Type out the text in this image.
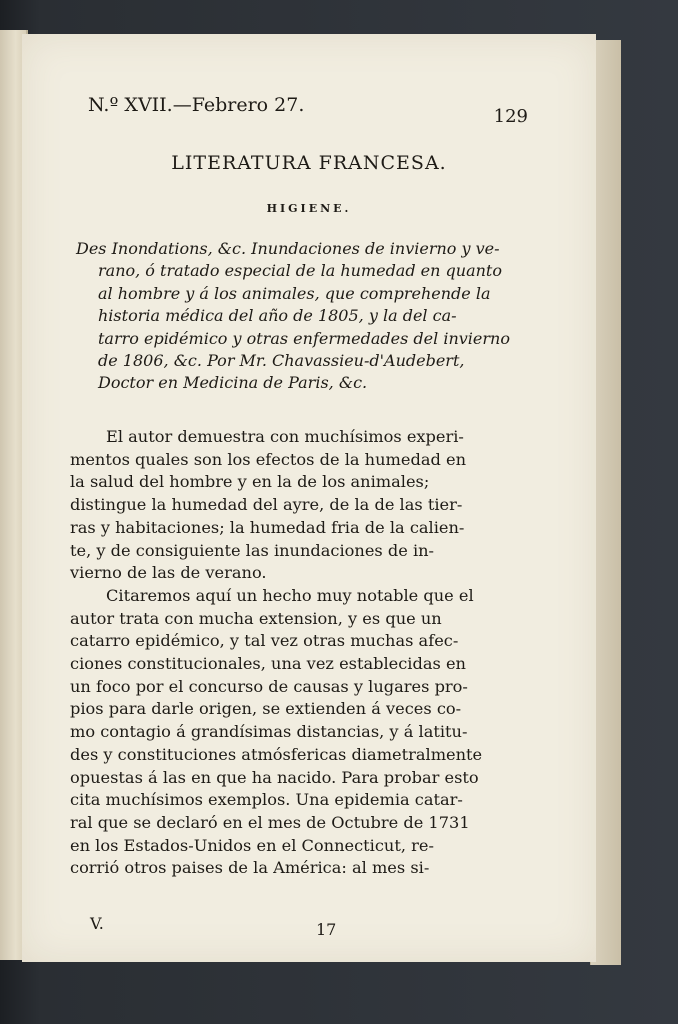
N.º XVII.—Febrero 27.
129
LITERATURA FRANCESA.
HIGIENE.
Des Inondations, &c. Inundaciones de invierno y ve-
rano, ó tratado especial de la humedad en quanto
al hombre y á los animales, que comprehende la
historia médica del año de 1805, y la del ca-
tarro epidémico y otras enfermedades del invierno
de 1806, &c. Por Mr. Chavassieu-d'Audebert,
Doctor en Medicina de Paris, &c.
El autor demuestra con muchísimos experi-
mentos quales son los efectos de la humedad en
la salud del hombre y en la de los animales;
distingue la humedad del ayre, de la de las tier-
ras y habitaciones; la humedad fria de la calien-
te, y de consiguiente las inundaciones de in-
vierno de las de verano.
Citaremos aquí un hecho muy notable que el
autor trata con mucha extension, y es que un
catarro epidémico, y tal vez otras muchas afec-
ciones constitucionales, una vez establecidas en
un foco por el concurso de causas y lugares pro-
pios para darle origen, se extienden á veces co-
mo contagio á grandísimas distancias, y á latitu-
des y constituciones atmósfericas diametralmente
opuestas á las en que ha nacido. Para probar esto
cita muchísimos exemplos. Una epidemia catar-
ral que se declaró en el mes de Octubre de 1731
en los Estados-Unidos en el Connecticut, re-
corrió otros paises de la América: al mes si-
V.	17
